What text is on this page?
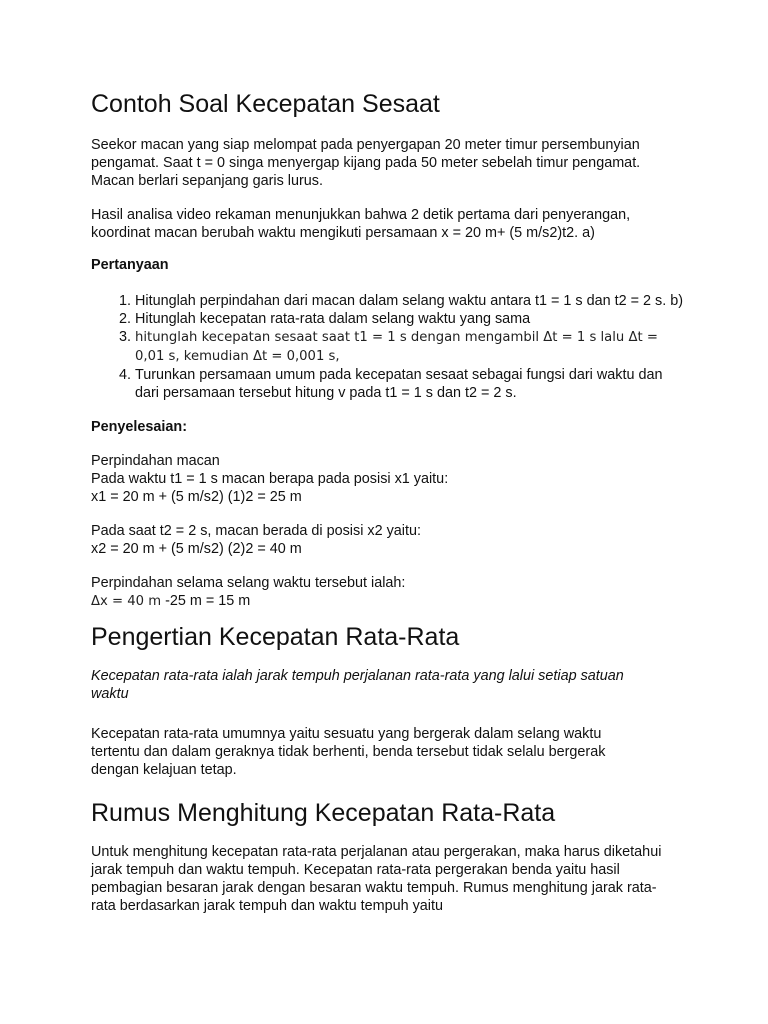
Contoh Soal Kecepatan Sesaat

Seekor macan yang siap melompat pada penyergapan 20 meter timur persembunyian pengamat. Saat t = 0 singa menyergap kijang pada 50 meter sebelah timur pengamat. Macan berlari sepanjang garis lurus.

Hasil analisa video rekaman menunjukkan bahwa 2 detik pertama dari penyerangan, koordinat macan berubah waktu mengikuti persamaan x = 20 m+ (5 m/s2)t2. a)

Pertanyaan

1. Hitunglah perpindahan dari macan dalam selang waktu antara t1 = 1 s dan t2 = 2 s. b)
2. Hitunglah kecepatan rata-rata dalam selang waktu yang sama
3. hitunglah kecepatan sesaat saat t1 = 1 s dengan mengambil Δt = 1 s lalu Δt = 0,01 s, kemudian Δt = 0,001 s,
4. Turunkan persamaan umum pada kecepatan sesaat sebagai fungsi dari waktu dan dari persamaan tersebut hitung v pada t1 = 1 s dan t2 = 2 s.

Penyelesaian:

Perpindahan macan
Pada waktu t1 = 1 s macan berapa pada posisi x1 yaitu:
x1 = 20 m + (5 m/s2) (1)2 = 25 m

Pada saat t2 = 2 s, macan berada di posisi x2 yaitu:
x2 = 20 m + (5 m/s2) (2)2 = 40 m

Perpindahan selama selang waktu tersebut ialah:
Δx = 40 m -25 m = 15 m

Pengertian Kecepatan Rata-Rata

Kecepatan rata-rata ialah jarak tempuh perjalanan rata-rata yang lalui setiap satuan waktu

Kecepatan rata-rata umumnya yaitu sesuatu yang bergerak dalam selang waktu tertentu dan dalam geraknya tidak berhenti, benda tersebut tidak selalu bergerak dengan kelajuan tetap.

Rumus Menghitung Kecepatan Rata-Rata

Untuk menghitung kecepatan rata-rata perjalanan atau pergerakan, maka harus diketahui jarak tempuh dan waktu tempuh. Kecepatan rata-rata pergerakan benda yaitu hasil pembagian besaran jarak dengan besaran waktu tempuh. Rumus menghitung jarak rata-rata berdasarkan jarak tempuh dan waktu tempuh yaitu
